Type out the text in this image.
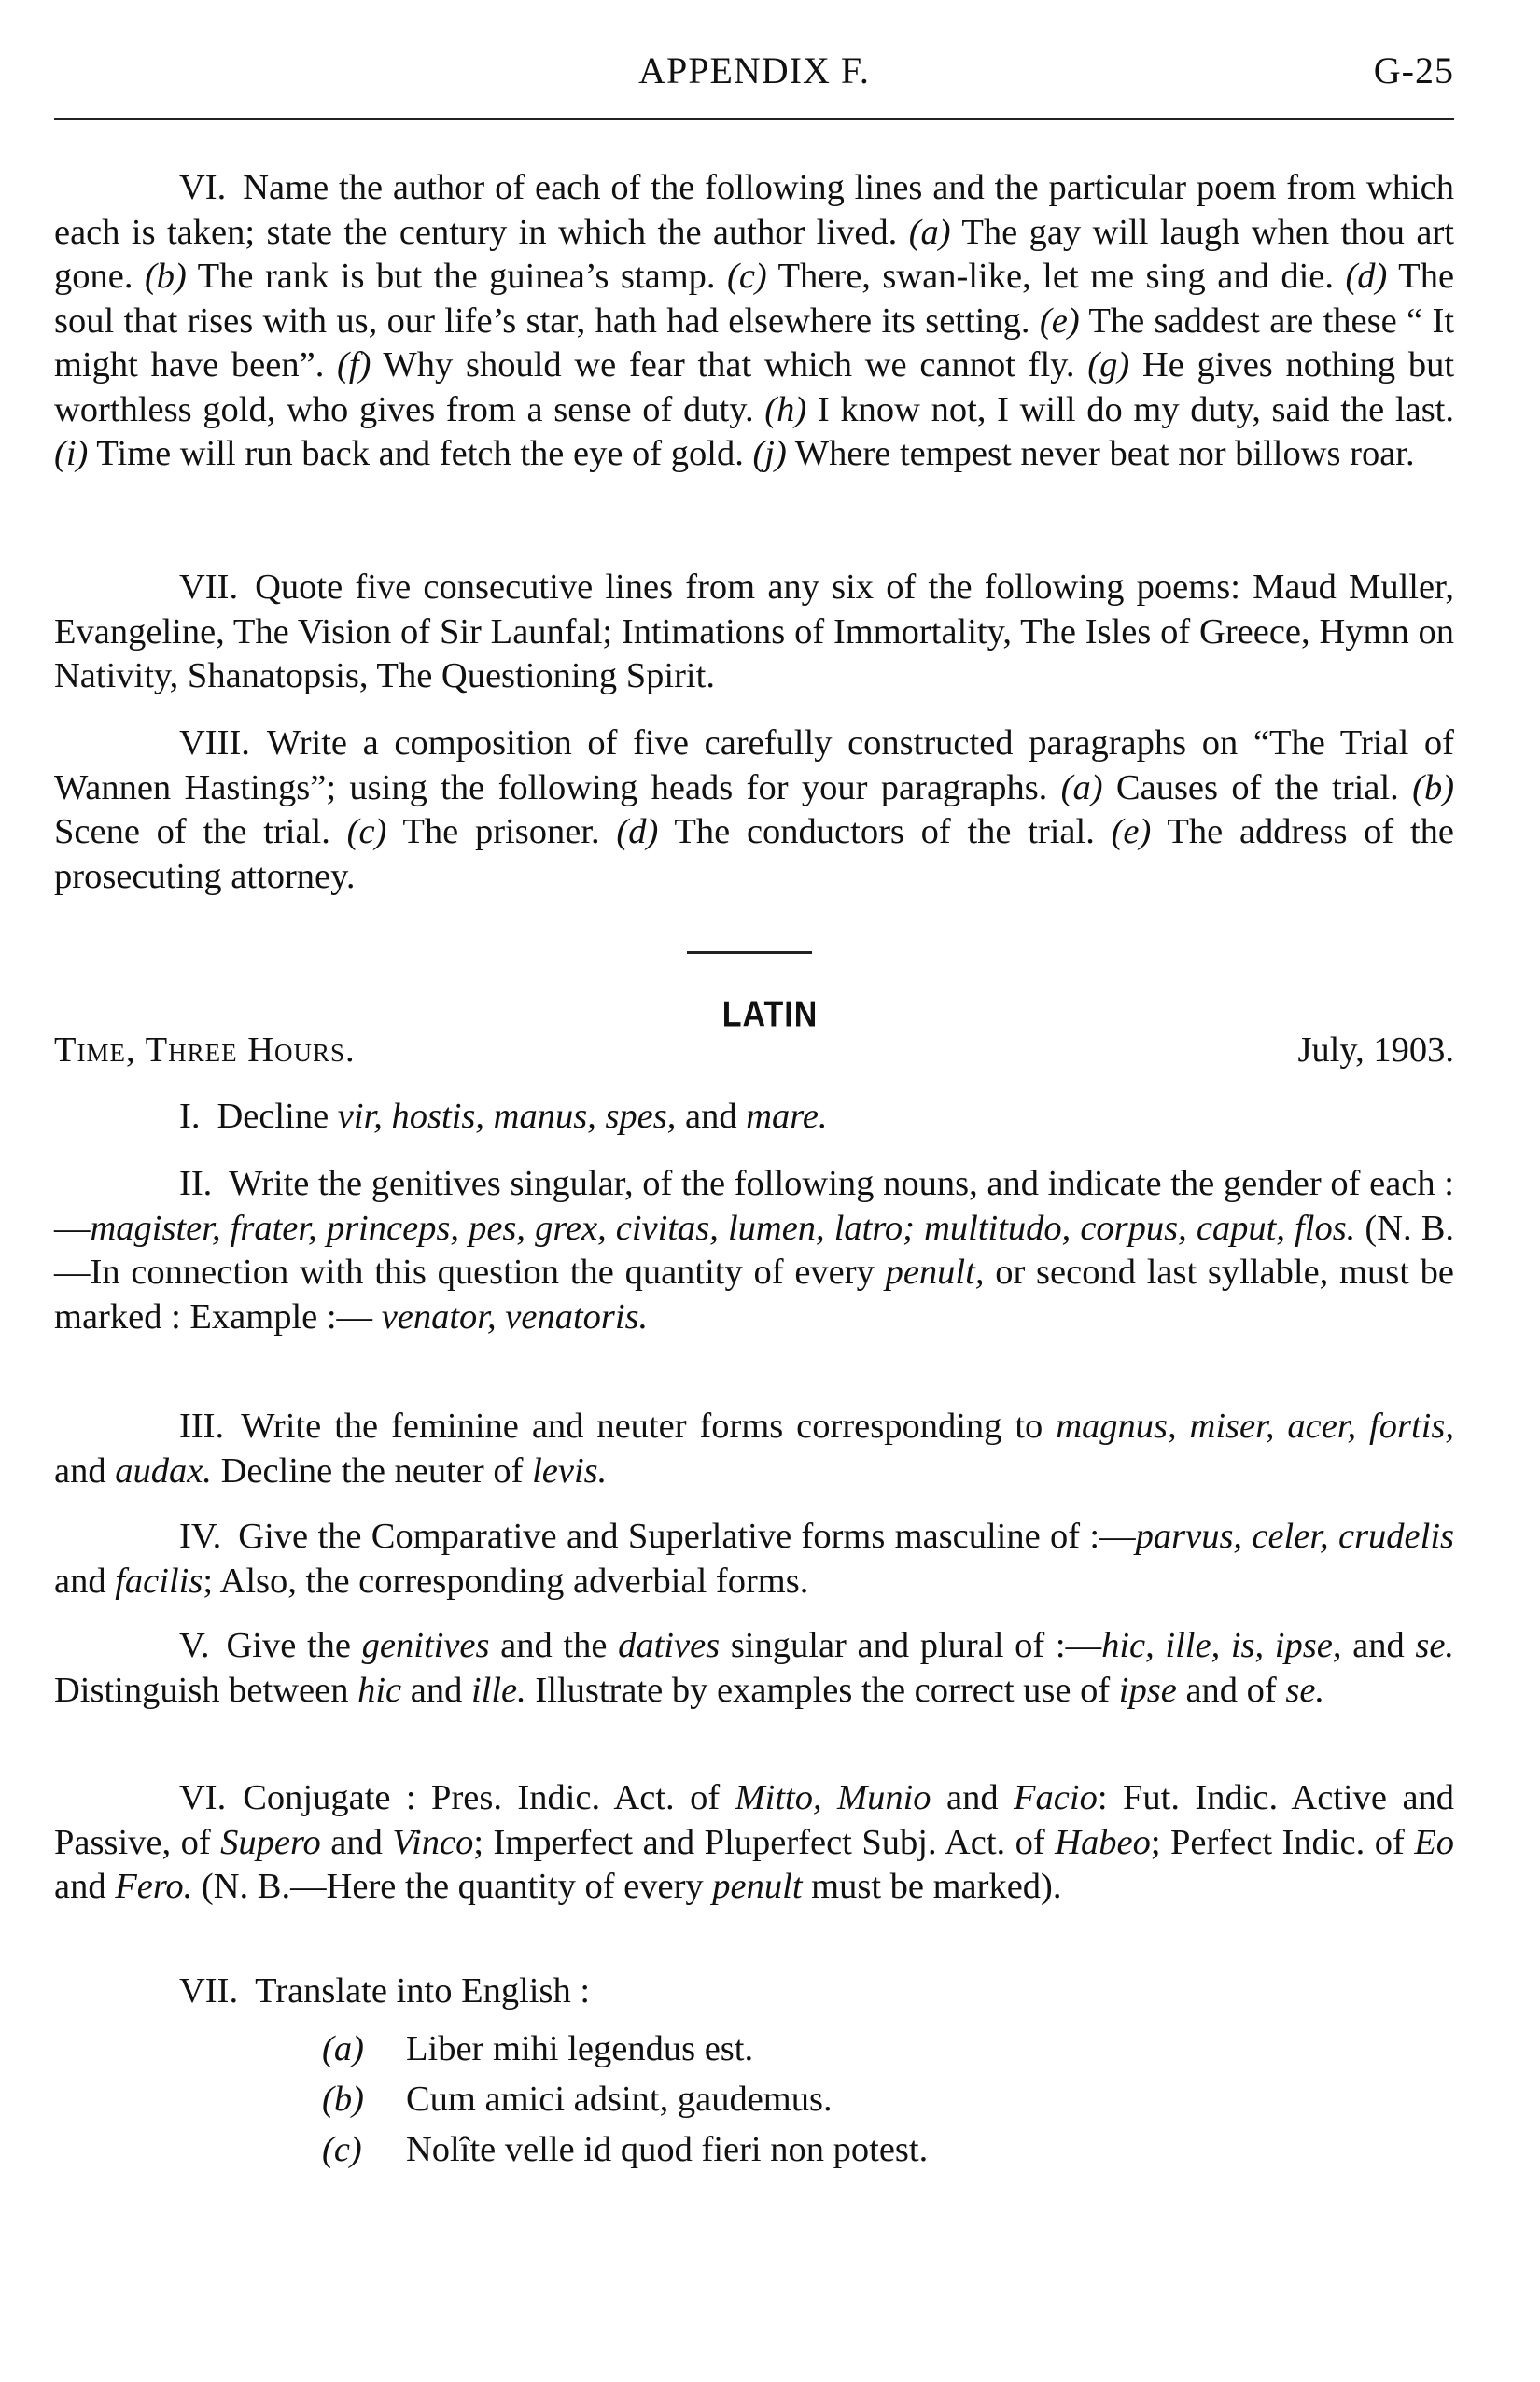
APPENDIX F.	G-25
VI. Name the author of each of the following lines and the particular poem from which each is taken; state the century in which the author lived. (a) The gay will laugh when thou art gone. (b) The rank is but the guinea’s stamp. (c) There, swan-like, let me sing and die. (d) The soul that rises with us, our life’s star, hath had elsewhere its setting. (e) The saddest are these “ It might have been”. (f) Why should we fear that which we cannot fly. (g) He gives nothing but worthless gold, who gives from a sense of duty. (h) I know not, I will do my duty, said the last. (i) Time will run back and fetch the eye of gold. (j) Where tempest never beat nor billows roar.
VII. Quote five consecutive lines from any six of the following poems: Maud Muller, Evangeline, The Vision of Sir Launfal; Intimations of Immortality, The Isles of Greece, Hymn on Nativity, Shanatopsis, The Questioning Spirit.
VIII. Write a composition of five carefully constructed paragraphs on “The Trial of Wannen Hastings”; using the following heads for your paragraphs. (a) Causes of the trial. (b) Scene of the trial. (c) The prisoner. (d) The conductors of the trial. (e) The address of the prosecuting attorney.
LATIN
Time, Three Hours.	July, 1903.
I. Decline vir, hostis, manus, spes, and mare.
II. Write the genitives singular, of the following nouns, and indicate the gender of each :—magister, frater, princeps, pes, grex, civitas, lumen, latro; multitudo, corpus, caput, flos. (N. B.—In connection with this question the quantity of every penult, or second last syllable, must be marked : Example :— venator, venatoris.
III. Write the feminine and neuter forms corresponding to magnus, miser, acer, fortis, and audax. Decline the neuter of levis.
IV. Give the Comparative and Superlative forms masculine of :—parvus, celer, crudelis and facilis; Also, the corresponding adverbial forms.
V. Give the genitives and the datives singular and plural of :—hic, ille, is, ipse, and se. Distinguish between hic and ille. Illustrate by examples the correct use of ipse and of se.
VI. Conjugate : Pres. Indic. Act. of Mitto, Munio and Facio: Fut. Indic. Active and Passive, of Supero and Vinco; Imperfect and Pluperfect Subj. Act. of Habeo; Perfect Indic. of Eo and Fero. (N. B.—Here the quantity of every penult must be marked).
VII. Translate into English :
(a) Liber mihi legendus est.
(b) Cum amici adsint, gaudemus.
(c) Nolîte velle id quod fieri non potest.
